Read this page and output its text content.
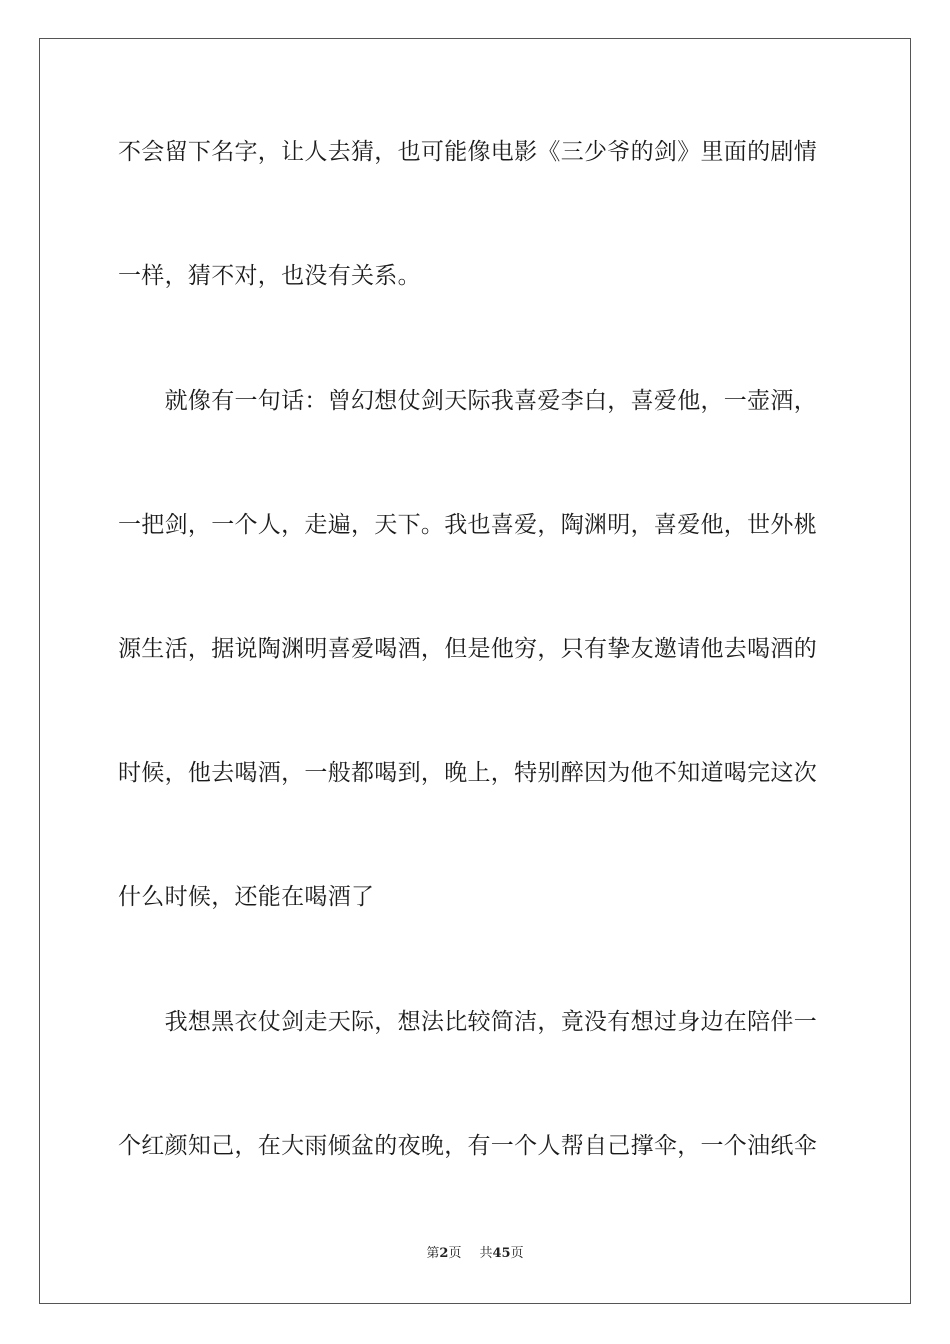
不会留下名字，让人去猜，也可能像电影《三少爷的剑》里面的剧情
一样，猜不对，也没有关系。
　　就像有一句话：曾幻想仗剑天际我喜爱李白，喜爱他，一壶酒，
一把剑，一个人，走遍，天下。我也喜爱，陶渊明，喜爱他，世外桃
源生活，据说陶渊明喜爱喝酒，但是他穷，只有挚友邀请他去喝酒的
时候，他去喝酒，一般都喝到，晚上，特别醉因为他不知道喝完这次
什么时候，还能在喝酒了
　　我想黑衣仗剑走天际，想法比较简洁，竟没有想过身边在陪伴一
个红颜知己，在大雨倾盆的夜晚，有一个人帮自己撑伞，一个油纸伞
第2页 共45页
